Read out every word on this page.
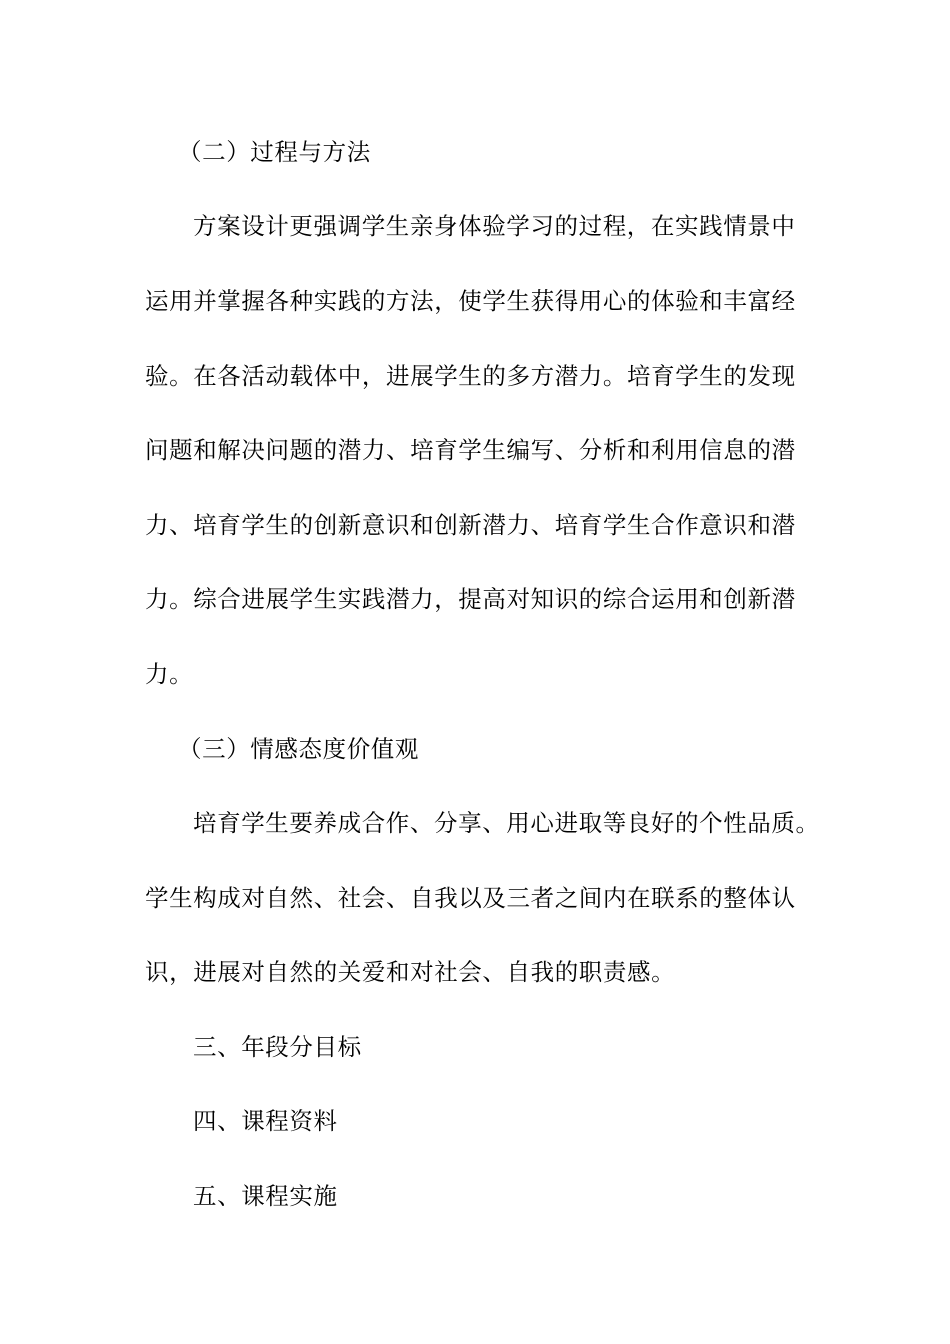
（二）过程与方法
方案设计更强调学生亲身体验学习的过程，在实践情景中
运用并掌握各种实践的方法，使学生获得用心的体验和丰富经
验。在各活动载体中，进展学生的多方潜力。培育学生的发现
问题和解决问题的潜力、培育学生编写、分析和利用信息的潜
力、培育学生的创新意识和创新潜力、培育学生合作意识和潜
力。综合进展学生实践潜力，提高对知识的综合运用和创新潜
力。
（三）情感态度价值观
培育学生要养成合作、分享、用心进取等良好的个性品质。
学生构成对自然、社会、自我以及三者之间内在联系的整体认
识，进展对自然的关爱和对社会、自我的职责感。
三、年段分目标
四、课程资料
五、课程实施
